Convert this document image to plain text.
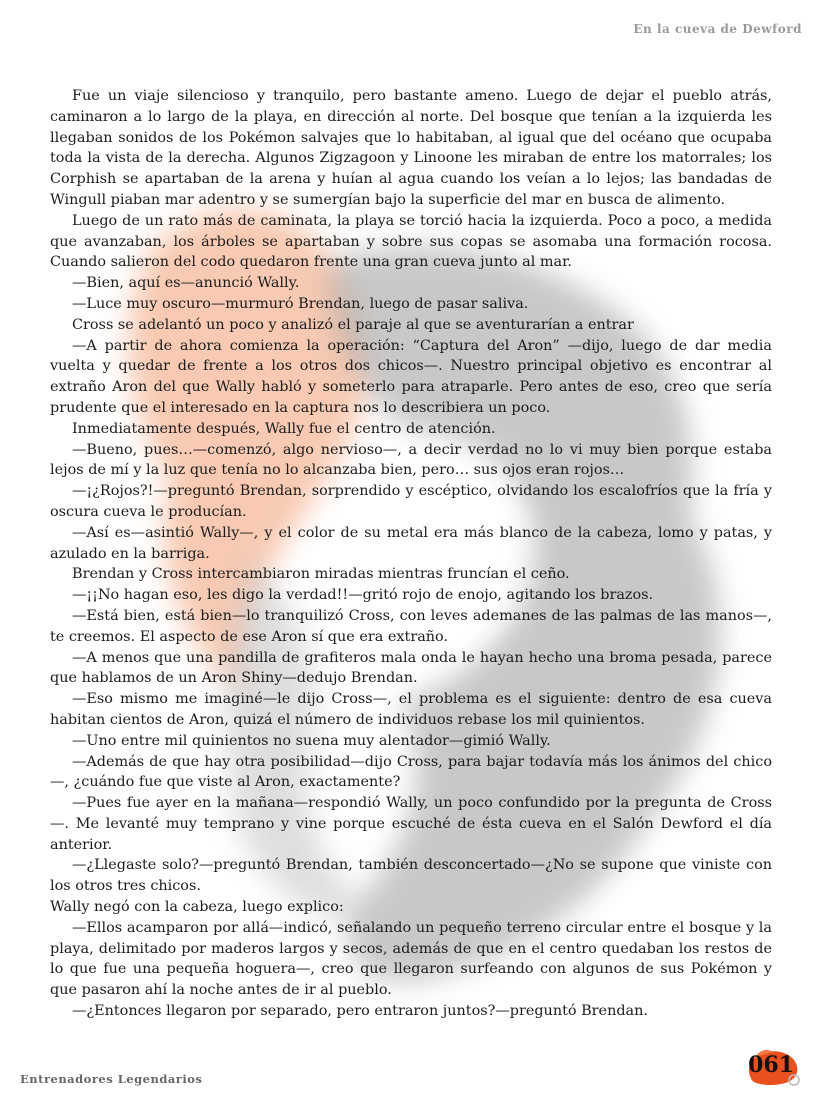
En la cueva de Dewford

Fue un viaje silencioso y tranquilo, pero bastante ameno. Luego de dejar el pueblo atrás, caminaron a lo largo de la playa, en dirección al norte. Del bosque que tenían a la izquierda les llegaban sonidos de los Pokémon salvajes que lo habitaban, al igual que del océano que ocupaba toda la vista de la derecha. Algunos Zigzagoon y Linoone les miraban de entre los matorrales; los Corphish se apartaban de la arena y huían al agua cuando los veían a lo lejos; las bandadas de Wingull piaban mar adentro y se sumergían bajo la superficie del mar en busca de alimento.

Luego de un rato más de caminata, la playa se torció hacia la izquierda. Poco a poco, a medida que avanzaban, los árboles se apartaban y sobre sus copas se asomaba una formación rocosa. Cuando salieron del codo quedaron frente una gran cueva junto al mar.

—Bien, aquí es—anunció Wally.

—Luce muy oscuro—murmuró Brendan, luego de pasar saliva.

Cross se adelantó un poco y analizó el paraje al que se aventurarían a entrar

—A partir de ahora comienza la operación: “Captura del Aron” —dijo, luego de dar media vuelta y quedar de frente a los otros dos chicos—. Nuestro principal objetivo es encontrar al extraño Aron del que Wally habló y someterlo para atraparle. Pero antes de eso, creo que sería prudente que el interesado en la captura nos lo describiera un poco.

Inmediatamente después, Wally fue el centro de atención.

—Bueno, pues…—comenzó, algo nervioso—, a decir verdad no lo vi muy bien porque estaba lejos de mí y la luz que tenía no lo alcanzaba bien, pero… sus ojos eran rojos…

—¡¿Rojos?!—preguntó Brendan, sorprendido y escéptico, olvidando los escalofríos que la fría y oscura cueva le producían.

—Así es—asintió Wally—, y el color de su metal era más blanco de la cabeza, lomo y patas, y azulado en la barriga.

Brendan y Cross intercambiaron miradas mientras fruncían el ceño.

—¡¡No hagan eso, les digo la verdad!!—gritó rojo de enojo, agitando los brazos.

—Está bien, está bien—lo tranquilizó Cross, con leves ademanes de las palmas de las manos—, te creemos. El aspecto de ese Aron sí que era extraño.

—A menos que una pandilla de grafiteros mala onda le hayan hecho una broma pesada, parece que hablamos de un Aron Shiny—dedujo Brendan.

—Eso mismo me imaginé—le dijo Cross—, el problema es el siguiente: dentro de esa cueva habitan cientos de Aron, quizá el número de individuos rebase los mil quinientos.

—Uno entre mil quinientos no suena muy alentador—gimió Wally.

—Además de que hay otra posibilidad—dijo Cross, para bajar todavía más los ánimos del chico—, ¿cuándo fue que viste al Aron, exactamente?

—Pues fue ayer en la mañana—respondió Wally, un poco confundido por la pregunta de Cross—. Me levanté muy temprano y vine porque escuché de ésta cueva en el Salón Dewford el día anterior.

—¿Llegaste solo?—preguntó Brendan, también desconcertado—¿No se supone que viniste con los otros tres chicos.

Wally negó con la cabeza, luego explico:

—Ellos acamparon por allá—indicó, señalando un pequeño terreno circular entre el bosque y la playa, delimitado por maderos largos y secos, además de que en el centro quedaban los restos de lo que fue una pequeña hoguera—, creo que llegaron surfeando con algunos de sus Pokémon y que pasaron ahí la noche antes de ir al pueblo.

—¿Entonces llegaron por separado, pero entraron juntos?—preguntó Brendan.

Entrenadores Legendarios
061
